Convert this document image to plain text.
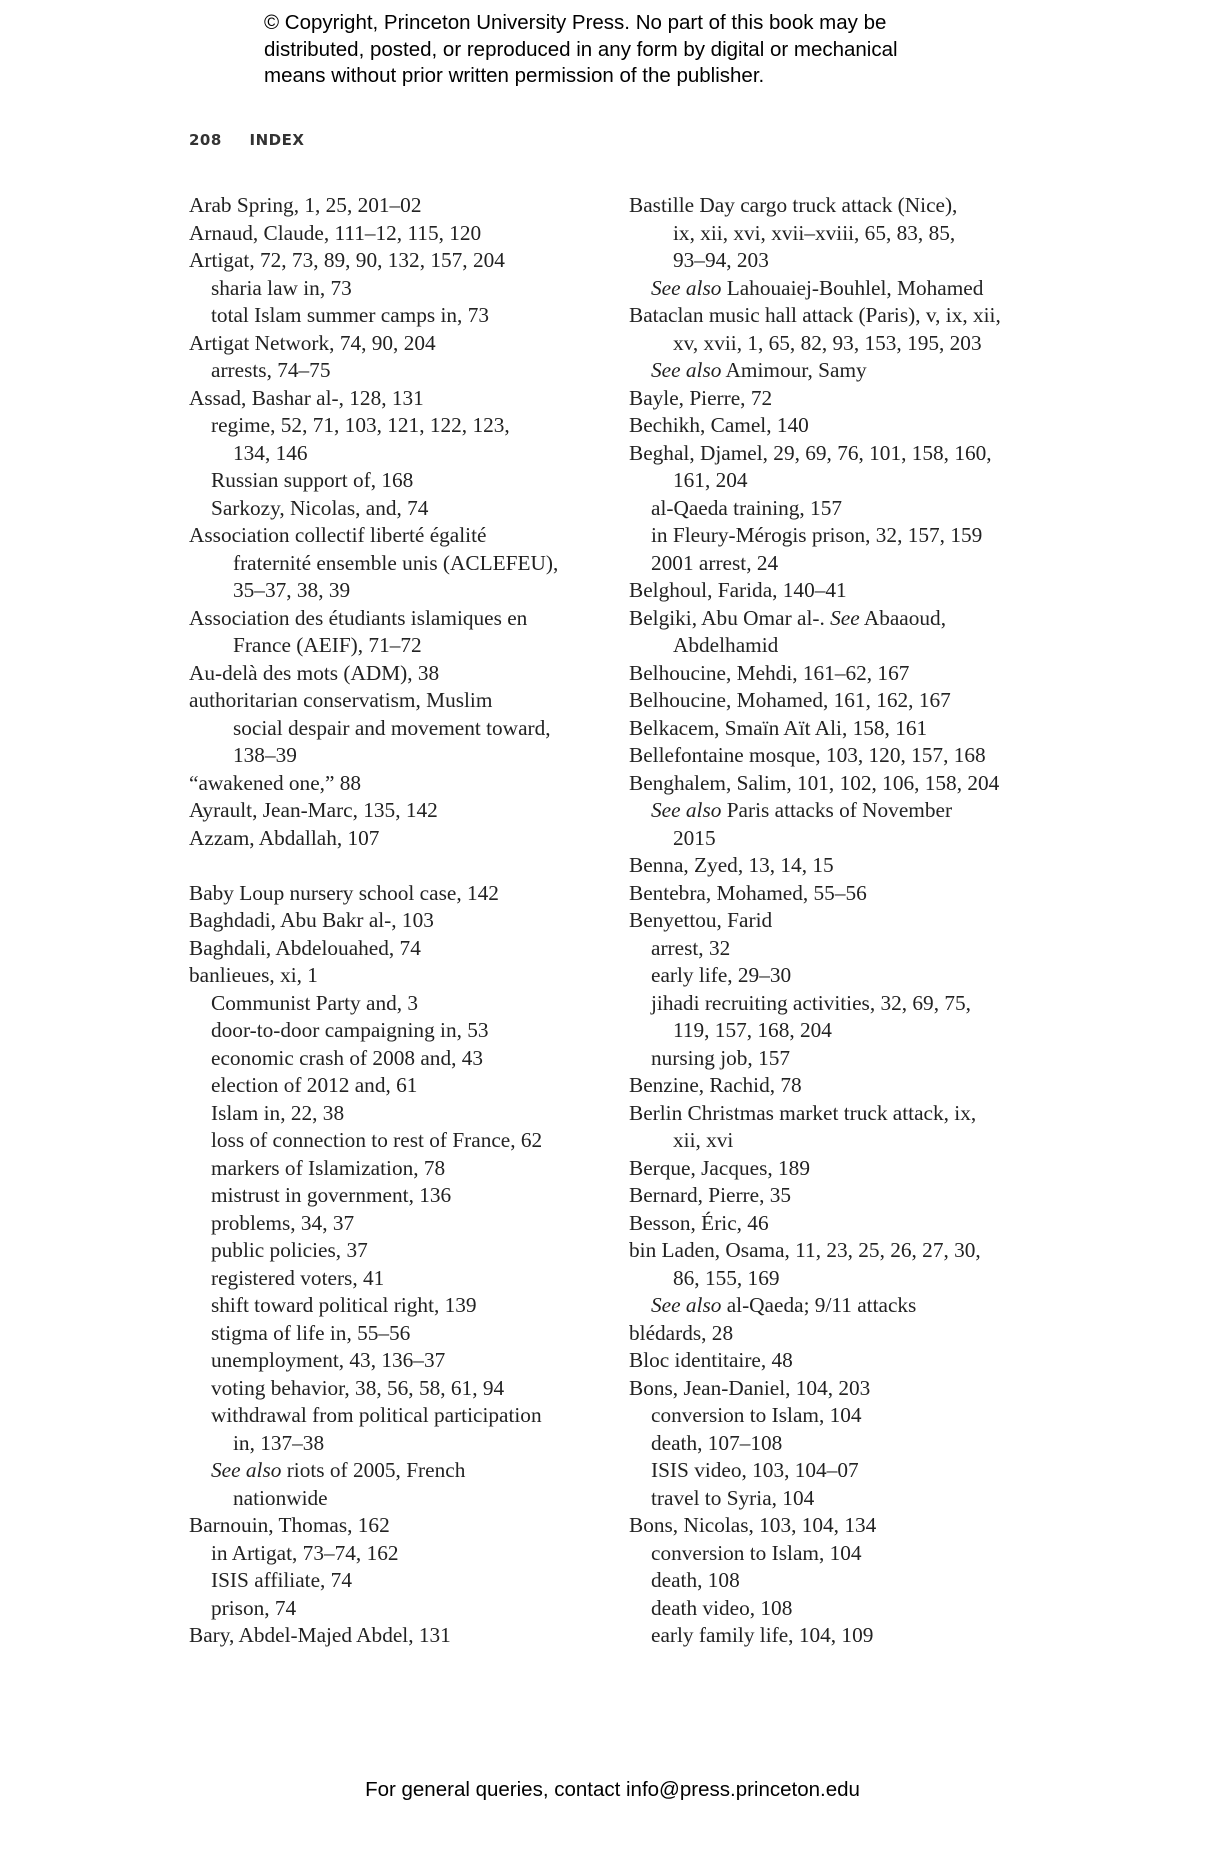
© Copyright, Princeton University Press. No part of this book may be
distributed, posted, or reproduced in any form by digital or mechanical
means without prior written permission of the publisher.
208 INDEX
Arab Spring, 1, 25, 201–02
Arnaud, Claude, 111–12, 115, 120
Artigat, 72, 73, 89, 90, 132, 157, 204
sharia law in, 73
total Islam summer camps in, 73
Artigat Network, 74, 90, 204
arrests, 74–75
Assad, Bashar al-, 128, 131
regime, 52, 71, 103, 121, 122, 123,
134, 146
Russian support of, 168
Sarkozy, Nicolas, and, 74
Association collectif liberté égalité
fraternité ensemble unis (ACLEFEU),
35–37, 38, 39
Association des étudiants islamiques en
France (AEIF), 71–72
Au-delà des mots (ADM), 38
authoritarian conservatism, Muslim
social despair and movement toward,
138–39
“awakened one,” 88
Ayrault, Jean-Marc, 135, 142
Azzam, Abdallah, 107
Baby Loup nursery school case, 142
Baghdadi, Abu Bakr al-, 103
Baghdali, Abdelouahed, 74
banlieues, xi, 1
Communist Party and, 3
door-to-door campaigning in, 53
economic crash of 2008 and, 43
election of 2012 and, 61
Islam in, 22, 38
loss of connection to rest of France, 62
markers of Islamization, 78
mistrust in government, 136
problems, 34, 37
public policies, 37
registered voters, 41
shift toward political right, 139
stigma of life in, 55–56
unemployment, 43, 136–37
voting behavior, 38, 56, 58, 61, 94
withdrawal from political participation
in, 137–38
See also riots of 2005, French
nationwide
Barnouin, Thomas, 162
in Artigat, 73–74, 162
ISIS affiliate, 74
prison, 74
Bary, Abdel-Majed Abdel, 131
Bastille Day cargo truck attack (Nice),
ix, xii, xvi, xvii–xviii, 65, 83, 85,
93–94, 203
See also Lahouaiej-Bouhlel, Mohamed
Bataclan music hall attack (Paris), v, ix, xii,
xv, xvii, 1, 65, 82, 93, 153, 195, 203
See also Amimour, Samy
Bayle, Pierre, 72
Bechikh, Camel, 140
Beghal, Djamel, 29, 69, 76, 101, 158, 160,
161, 204
al-Qaeda training, 157
in Fleury-Mérogis prison, 32, 157, 159
2001 arrest, 24
Belghoul, Farida, 140–41
Belgiki, Abu Omar al-. See Abaaoud,
Abdelhamid
Belhoucine, Mehdi, 161–62, 167
Belhoucine, Mohamed, 161, 162, 167
Belkacem, Smaïn Aït Ali, 158, 161
Bellefontaine mosque, 103, 120, 157, 168
Benghalem, Salim, 101, 102, 106, 158, 204
See also Paris attacks of November
2015
Benna, Zyed, 13, 14, 15
Bentebra, Mohamed, 55–56
Benyettou, Farid
arrest, 32
early life, 29–30
jihadi recruiting activities, 32, 69, 75,
119, 157, 168, 204
nursing job, 157
Benzine, Rachid, 78
Berlin Christmas market truck attack, ix,
xii, xvi
Berque, Jacques, 189
Bernard, Pierre, 35
Besson, Éric, 46
bin Laden, Osama, 11, 23, 25, 26, 27, 30,
86, 155, 169
See also al-Qaeda; 9/11 attacks
blédards, 28
Bloc identitaire, 48
Bons, Jean-Daniel, 104, 203
conversion to Islam, 104
death, 107–108
ISIS video, 103, 104–07
travel to Syria, 104
Bons, Nicolas, 103, 104, 134
conversion to Islam, 104
death, 108
death video, 108
early family life, 104, 109
For general queries, contact info@press.princeton.edu
